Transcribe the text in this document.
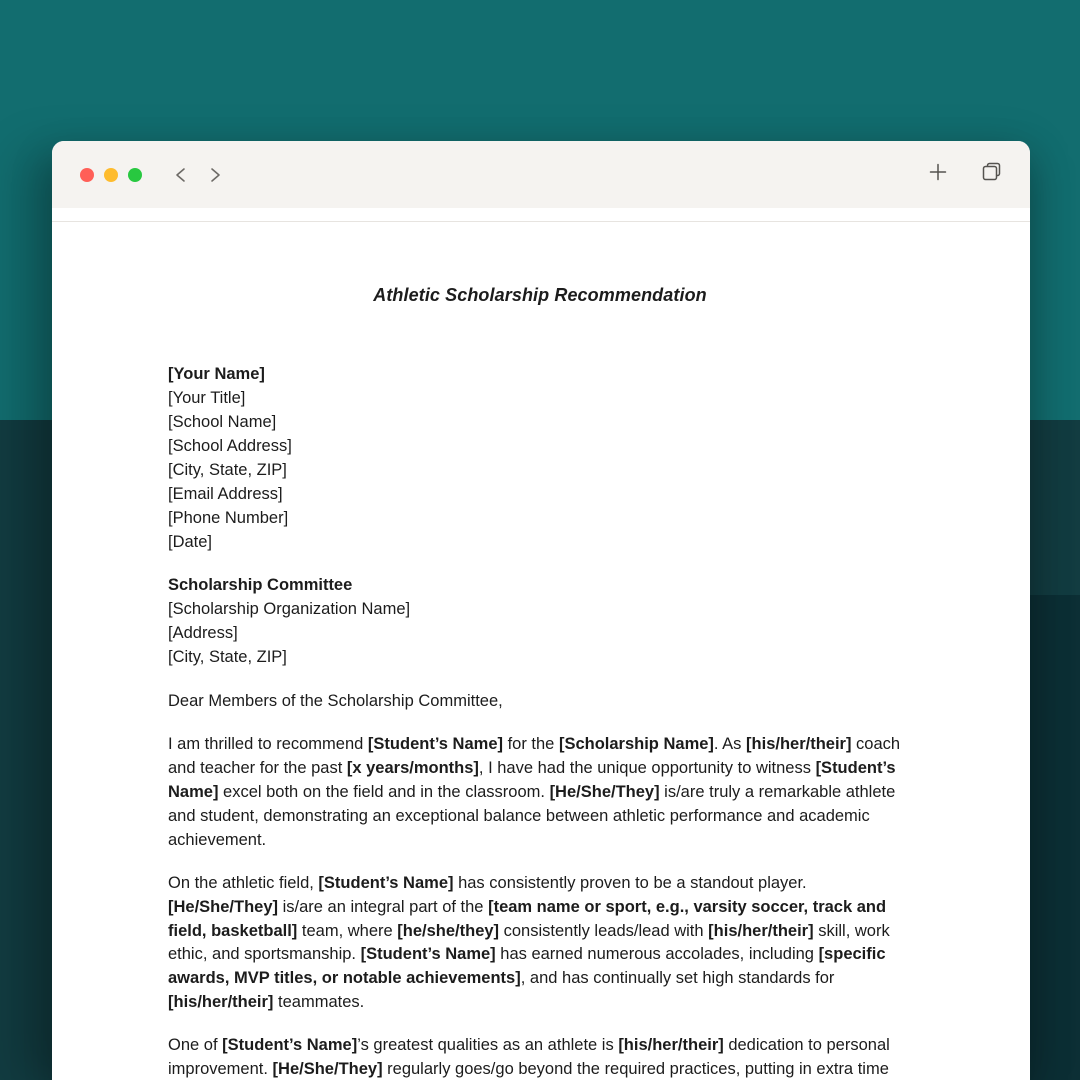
Athletic Scholarship Recommendation
[Your Name]
[Your Title]
[School Name]
[School Address]
[City, State, ZIP]
[Email Address]
[Phone Number]
[Date]
Scholarship Committee
[Scholarship Organization Name]
[Address]
[City, State, ZIP]

Dear Members of the Scholarship Committee,

I am thrilled to recommend [Student’s Name] for the [Scholarship Name]. As [his/her/their] coach and teacher for the past [x years/months], I have had the unique opportunity to witness [Student’s Name] excel both on the field and in the classroom. [He/She/They] is/are truly a remarkable athlete and student, demonstrating an exceptional balance between athletic performance and academic achievement.

On the athletic field, [Student’s Name] has consistently proven to be a standout player. [He/She/They] is/are an integral part of the [team name or sport, e.g., varsity soccer, track and field, basketball] team, where [he/she/they] consistently leads/lead with [his/her/their] skill, work ethic, and sportsmanship. [Student’s Name] has earned numerous accolades, including [specific awards, MVP titles, or notable achievements], and has continually set high standards for [his/her/their] teammates.

One of [Student’s Name]’s greatest qualities as an athlete is [his/her/their] dedication to personal improvement. [He/She/They] regularly goes/go beyond the required practices, putting in extra time
